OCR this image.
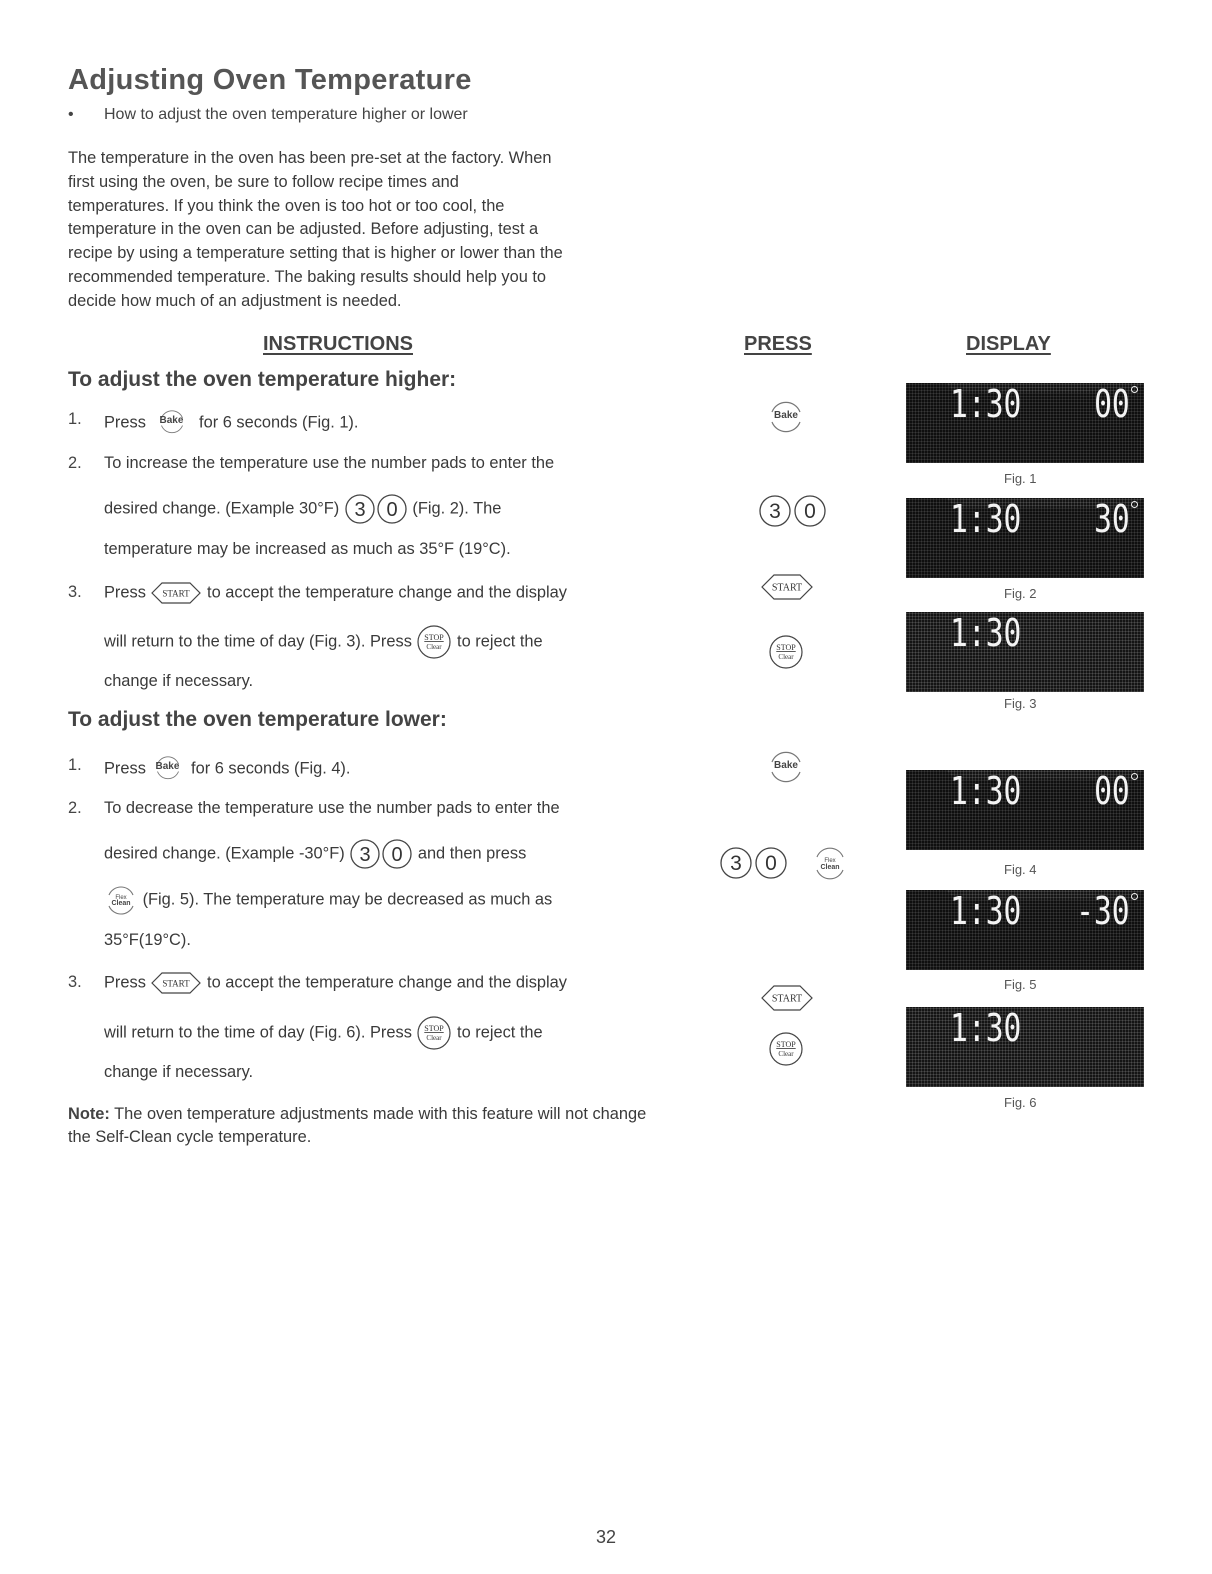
Adjusting Oven Temperature
• How to adjust the oven temperature higher or lower
The temperature in the oven has been pre-set at the factory. When
first using the oven, be sure to follow recipe times and
temperatures. If you think the oven is too hot or too cool, the
temperature in the oven can be adjusted. Before adjusting, test a
recipe by using a temperature setting that is higher or lower than the
recommended temperature. The baking results should help you to
decide how much of an adjustment is needed.
INSTRUCTIONS	PRESS	DISPLAY
To adjust the oven temperature higher:
1. Press Bake for 6 seconds (Fig. 1).
2. To increase the temperature use the number pads to enter the
desired change. (Example 30°F) 3 0 (Fig. 2). The
temperature may be increased as much as 35°F (19°C).
3. Press START to accept the temperature change and the display
will return to the time of day (Fig. 3). Press STOP
Clear to reject the
change if necessary.
To adjust the oven temperature lower:
1. Press Bake for 6 seconds (Fig. 4).
2. To decrease the temperature use the number pads to enter the
desired change. (Example -30°F) 3 0 and then press
Flex
Clean (Fig. 5). The temperature may be decreased as much as
35°F(19°C).
3. Press START to accept the temperature change and the display
will return to the time of day (Fig. 6). Press STOP
Clear to reject the
change if necessary.
Note: The oven temperature adjustments made with this feature will not change the Self-Clean cycle temperature.
Bake
3 0
START
STOP
Clear
Bake
3 0	Flex
Clean
START
STOP
Clear
1:30 00
Fig. 1
1:30 30
Fig. 2
1:30
Fig. 3
1:30 00
Fig. 4
1:30 -30
Fig. 5
1:30
Fig. 6
32
